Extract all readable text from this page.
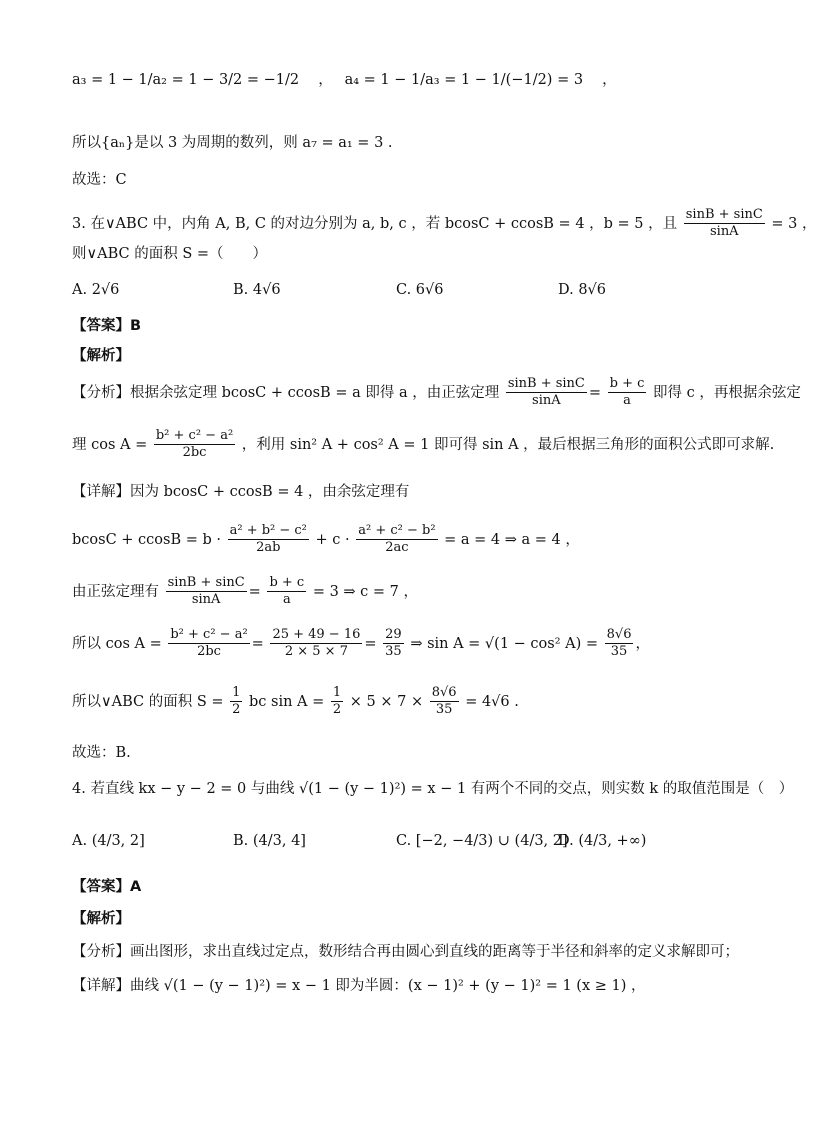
a₃ = 1 − 1/a₂ = 1 − 3/2 = −1/2 　，　 a₄ = 1 − 1/a₃ = 1 − 1/(−1/2) = 3 　，
所以{aₙ}是以 3 为周期的数列，则 a₇ = a₁ = 3 .
故选：C
3. 在∨ABC 中，内角 A, B, C 的对边分别为 a, b, c ，若 bcosC + ccosB = 4 ，b = 5 ，且 $\frac{\sin B + \sin C}{\sin A} = 3$ ，
则∨ABC 的面积 S =（　　）
A. 2√6	B. 4√6	C. 6√6	D. 8√6
【答案】B
【解析】
【分析】根据余弦定理 bcosC + ccosB = a 即得 a ，由正弦定理 $\frac{\sin B + \sin C}{\sin A} = \frac{b + c}{a}$ 即得 c ，再根据余弦定
理 $\cos A = \frac{\text{b² + c² − a²}}{2bc}$ ，利用 sin² A + cos² A = 1 即可得 sin A ，最后根据三角形的面积公式即可求解.
【详解】因为 bcosC + ccosB = 4 ，由余弦定理有
$bcosC + ccosB = b \cdot \frac{\text{a² + b² − c²}}{2ab} + c \cdot \frac{\text{a² + c² − b²}}{2ac} = a = 4$ ⇒ a = 4 ，
由正弦定理有 $\frac{\sin B + \sin C}{\sin A} = \frac{b + c}{a} = 3$ ⇒ c = 7 ，
所以 $\cos A = \frac{\text{b² + c² − a²}}{2bc} = \frac{25 + 49 - 16}{2 \times 5 \times 7} = \frac{29}{35}$ ⇒ sin A = √(1 − cos² $A) = \frac{8√6}{35}$ ，
所以∨ABC 的面积 $S = \frac{1}{2}$ bc $\sin A = \frac{1}{2} \times 5 \times 7 \times \frac{8√6}{35} = 4√6$ .
故选：B.
4. 若直线 kx − y − 2 = 0 与曲线 √(1 − (y − 1)²) = x − 1 有两个不同的交点，则实数 k 的取值范围是（　）
A. (4/3, 2]	B. (4/3, 4]	C. [−2, −4/3) ∪ (4/3, 2]
D. (4/3, +∞)
【答案】A
【解析】
【分析】画出图形，求出直线过定点，数形结合再由圆心到直线的距离等于半径和斜率的定义求解即可；
【详解】曲线 √(1 − (y − 1)²) = x − 1 即为半圆：(x − 1)² + (y − 1)² = 1 (x ≥ 1) ，
